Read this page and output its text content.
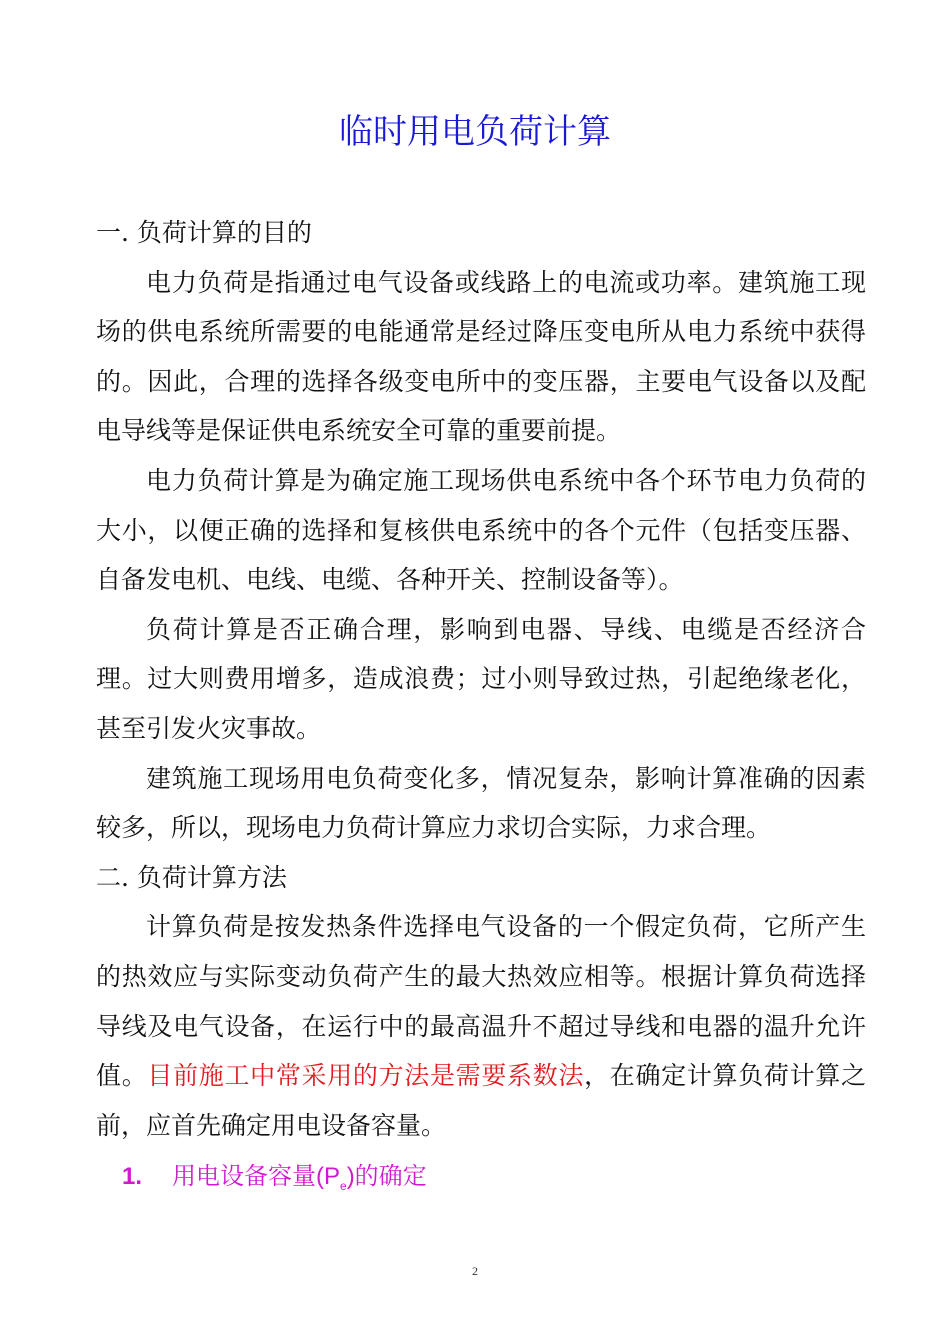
临时用电负荷计算

一. 负荷计算的目的

电力负荷是指通过电气设备或线路上的电流或功率。建筑施工现场的供电系统所需要的电能通常是经过降压变电所从电力系统中获得的。因此，合理的选择各级变电所中的变压器，主要电气设备以及配电导线等是保证供电系统安全可靠的重要前提。

电力负荷计算是为确定施工现场供电系统中各个环节电力负荷的大小，以便正确的选择和复核供电系统中的各个元件（包括变压器、自备发电机、电线、电缆、各种开关、控制设备等）。

负荷计算是否正确合理，影响到电器、导线、电缆是否经济合理。过大则费用增多，造成浪费；过小则导致过热，引起绝缘老化，甚至引发火灾事故。

建筑施工现场用电负荷变化多，情况复杂，影响计算准确的因素较多，所以，现场电力负荷计算应力求切合实际，力求合理。

二. 负荷计算方法

计算负荷是按发热条件选择电气设备的一个假定负荷，它所产生的热效应与实际变动负荷产生的最大热效应相等。根据计算负荷选择导线及电气设备，在运行中的最高温升不超过导线和电器的温升允许值。目前施工中常采用的方法是需要系数法，在确定计算负荷计算之前，应首先确定用电设备容量。

1. 用电设备容量$(P_e)$的确定

2
